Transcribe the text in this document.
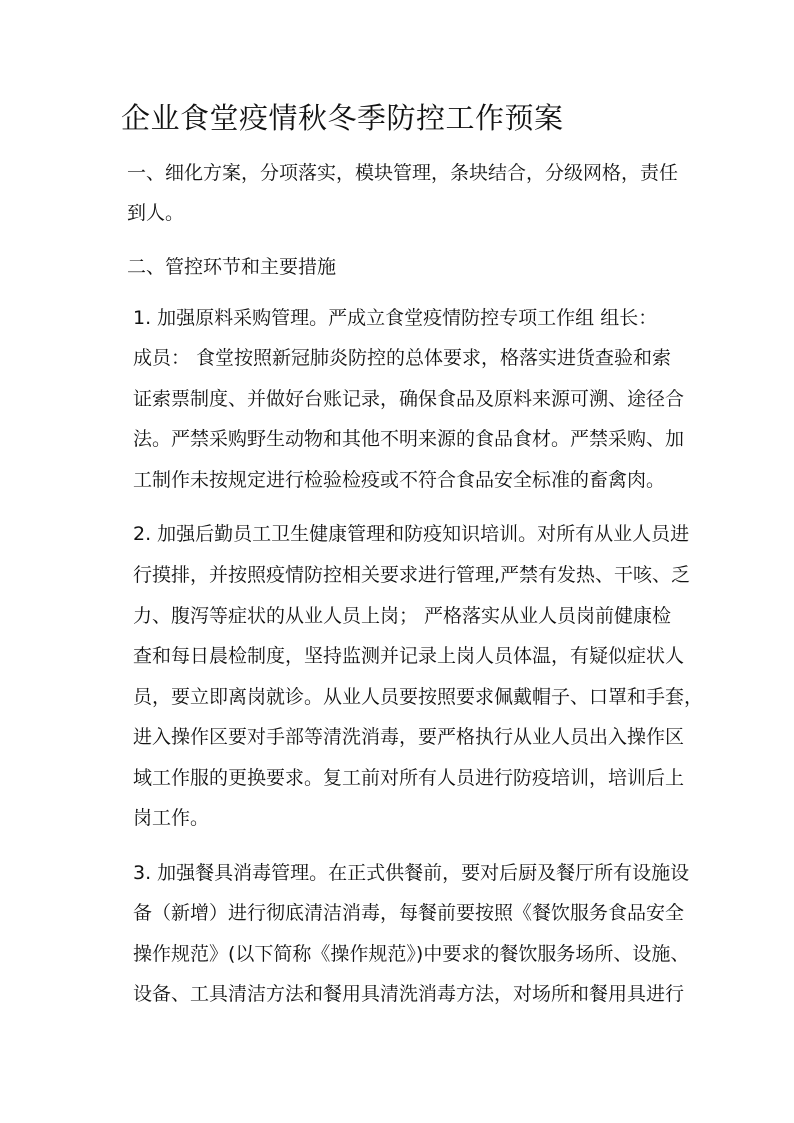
企业食堂疫情秋冬季防控工作预案
一、细化方案，分项落实，模块管理，条块结合，分级网格，责任
到人。
二、管控环节和主要措施
1. 加强原料采购管理。严成立食堂疫情防控专项工作组 组长：
成员： 食堂按照新冠肺炎防控的总体要求，格落实进货查验和索
证索票制度、并做好台账记录，确保食品及原料来源可溯、途径合
法。严禁采购野生动物和其他不明来源的食品食材。严禁采购、加
工制作未按规定进行检验检疫或不符合食品安全标准的畜禽肉。
2. 加强后勤员工卫生健康管理和防疫知识培训。对所有从业人员进
行摸排，并按照疫情防控相关要求进行管理,严禁有发热、干咳、乏
力、腹泻等症状的从业人员上岗； 严格落实从业人员岗前健康检
查和每日晨检制度，坚持监测并记录上岗人员体温，有疑似症状人
员，要立即离岗就诊。从业人员要按照要求佩戴帽子、口罩和手套，
进入操作区要对手部等清洗消毒，要严格执行从业人员出入操作区
域工作服的更换要求。复工前对所有人员进行防疫培训，培训后上
岗工作。
3. 加强餐具消毒管理。在正式供餐前，要对后厨及餐厅所有设施设
备（新增）进行彻底清洁消毒，每餐前要按照《餐饮服务食品安全
操作规范》(以下简称《操作规范》)中要求的餐饮服务场所、设施、
设备、工具清洁方法和餐用具清洗消毒方法，对场所和餐用具进行
